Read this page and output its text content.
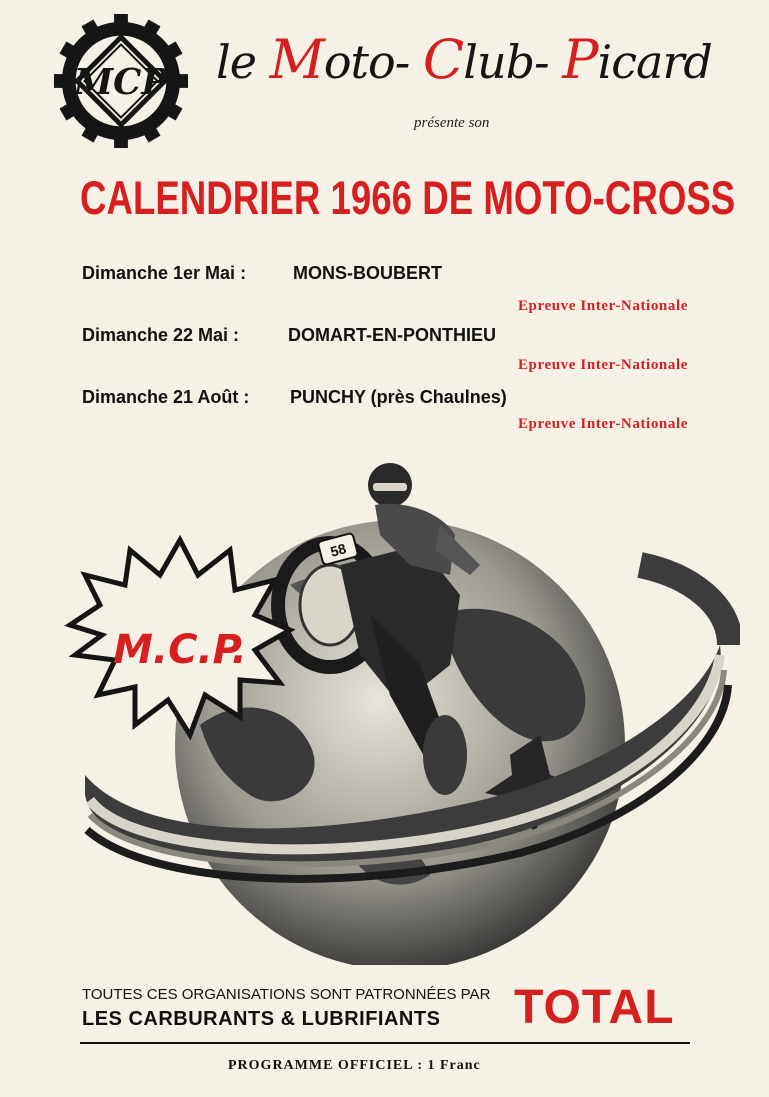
MCP le Moto- Club- Picard
présente son
CALENDRIER 1966 DE MOTO-CROSS
Dimanche 1er Mai :	MONS-BOUBERT
Epreuve Inter-Nationale
Dimanche 22 Mai :	DOMART-EN-PONTHIEU
Epreuve Inter-Nationale
Dimanche 21 Août : PUNCHY (près Chaulnes)
Epreuve Inter-Nationale
58
M.C.P.
TOUTES CES ORGANISATIONS SONT PATRONNÉES PAR
LES CARBURANTS & LUBRIFIANTS TOTAL
PROGRAMME OFFICIEL : 1 Franc
